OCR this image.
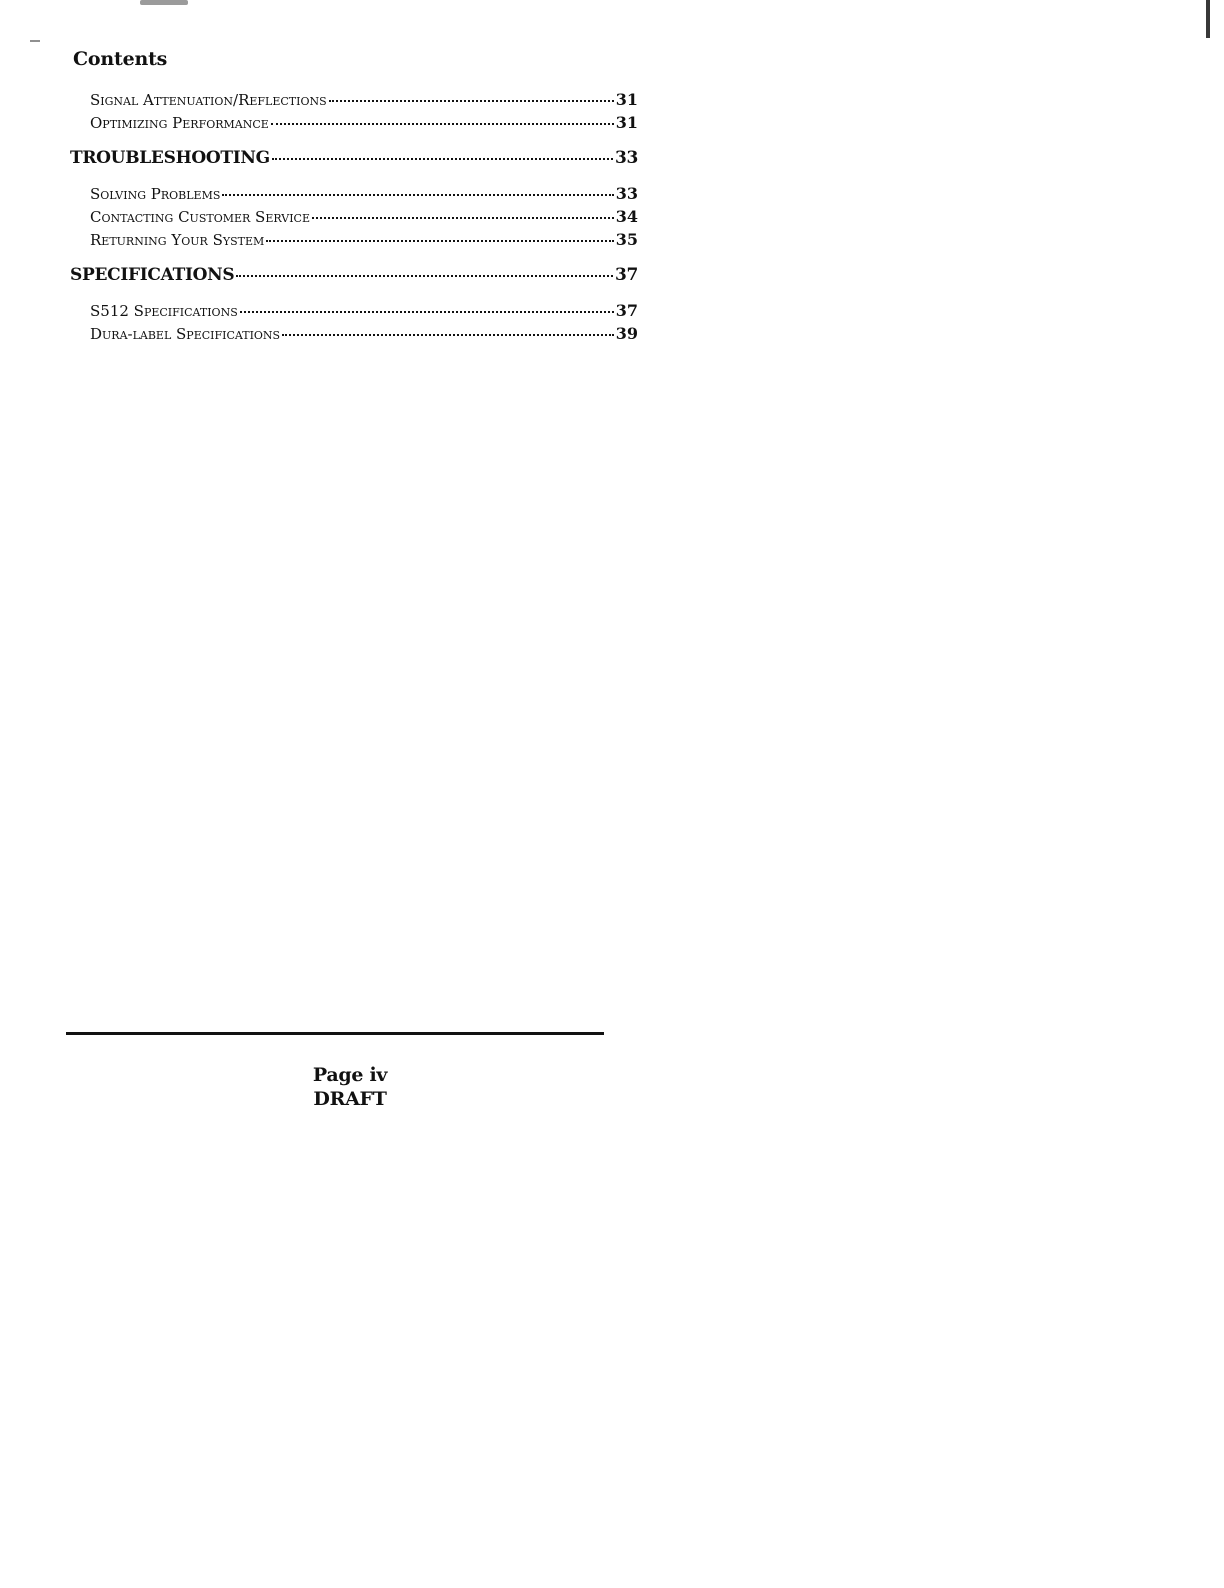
Contents
Signal Attenuation/Reflections	31
Optimizing Performance	31
TROUBLESHOOTING	33
Solving Problems	33
Contacting Customer Service	34
Returning Your System	35
SPECIFICATIONS	37
S512 Specifications	37
Dura-label Specifications	39
Page iv
DRAFT
